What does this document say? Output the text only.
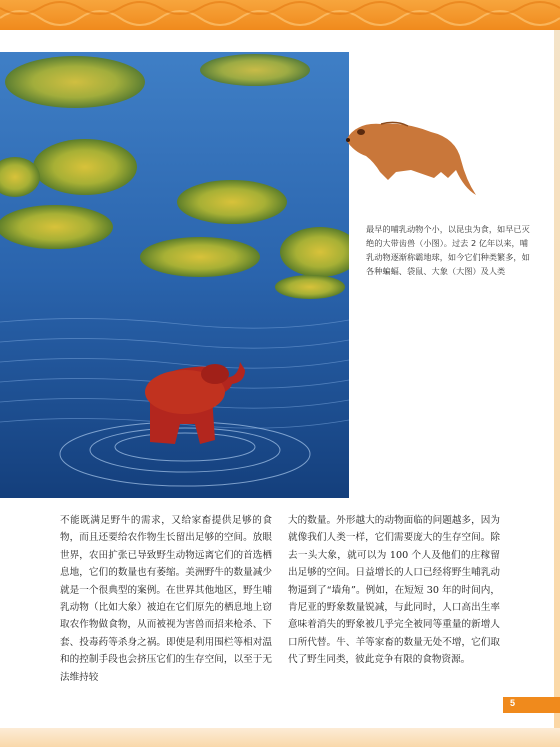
最早的哺乳动物个小，以昆虫为食，如早已灭绝的大带齿兽（小图）。过去 2 亿年以来，哺乳动物逐渐称霸地球，如今它们种类繁多，如各种蝙蝠、袋鼠、大象（大图）及人类
不能既满足野牛的需求，又给家畜提供足够的食物，而且还要给农作物生长留出足够的空间。放眼世界，农田扩张已导致野生动物远离它们的首选栖息地，它们的数量也有萎缩。美洲野牛的数量减少就是一个很典型的案例。在世界其他地区，野生哺乳动物（比如大象）被迫在它们原先的栖息地上窃取农作物做食物，从而被视为害兽而招来枪杀、下套、投毒药等杀身之祸。即使是利用围栏等相对温和的控制手段也会挤压它们的生存空间，以至于无法维持较
大的数量。外形越大的动物面临的问题越多，因为就像我们人类一样，它们需要庞大的生存空间。除去一头大象，就可以为 100 个人及他们的庄稼留出足够的空间。日益增长的人口已经将野生哺乳动物逼到了“墙角”。例如，在短短 30 年的时间内，肯尼亚的野象数量锐减，与此同时，人口高出生率意味着消失的野象被几乎完全被同等重量的新增人口所代替。牛、羊等家畜的数量无处不增，它们取代了野生同类，彼此竞争有限的食物资源。
5
